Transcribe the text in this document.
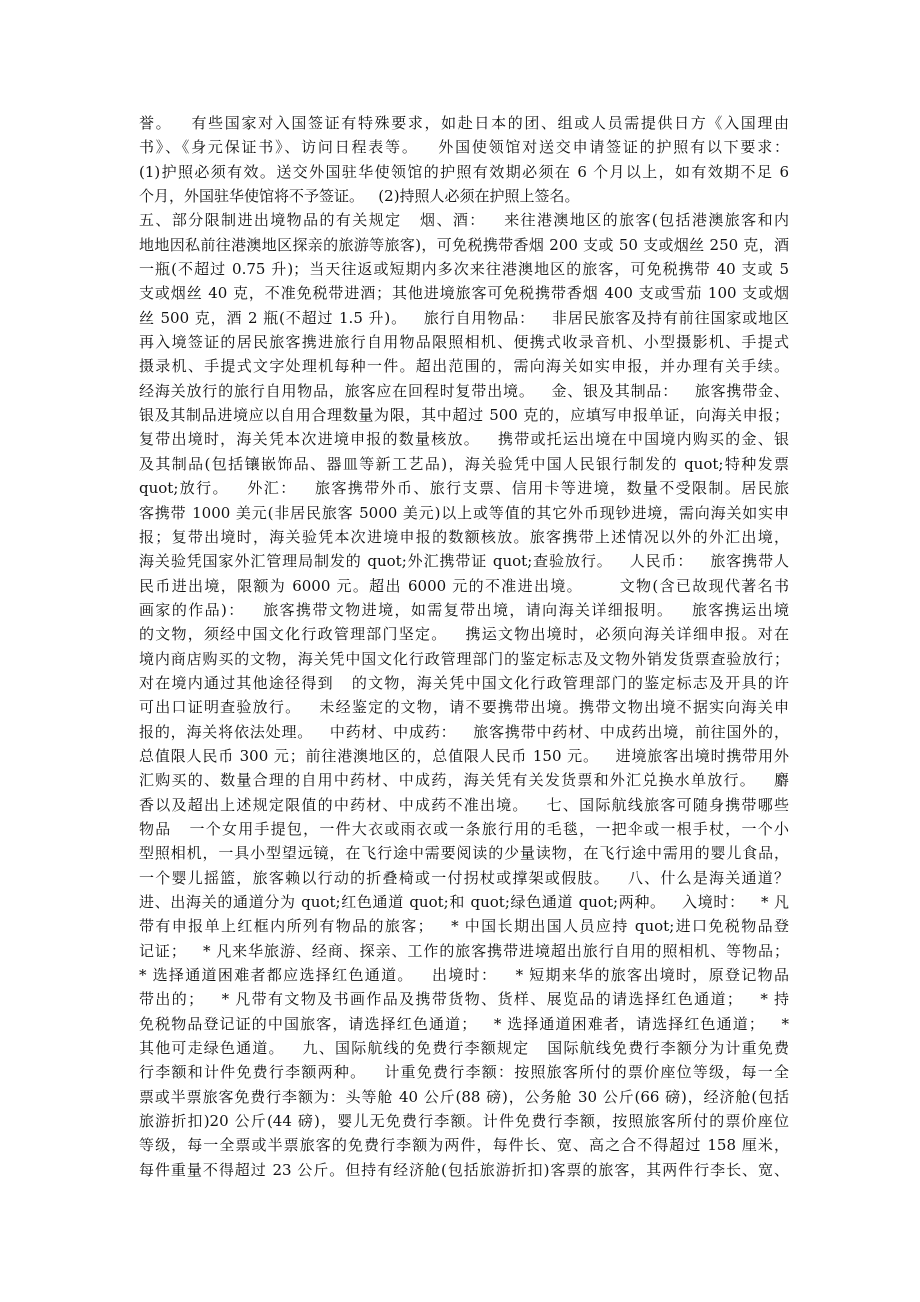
誉。   有些国家对入国签证有特殊要求，如赴日本的团、组或人员需提供日方《入国理由
书》、《身元保证书》、访问日程表等。   外国使领馆对送交申请签证的护照有以下要求：
(1)护照必须有效。送交外国驻华使领馆的护照有效期必须在 6 个月以上，如有效期不足 6
个月，外国驻华使馆将不予签证。   (2)持照人必须在护照上签名。
五、部分限制进出境物品的有关规定   烟、酒：   来往港澳地区的旅客(包括港澳旅客和内
地地因私前往港澳地区探亲的旅游等旅客)，可免税携带香烟 200 支或 50 支或烟丝 250 克，酒
一瓶(不超过 0.75 升)；当天往返或短期内多次来往港澳地区的旅客，可免税携带 40 支或 5
支或烟丝 40 克，不准免税带进酒；其他进境旅客可免税携带香烟 400 支或雪茄 100 支或烟
丝 500 克，酒 2 瓶(不超过 1.5 升)。   旅行自用物品：   非居民旅客及持有前往国家或地区
再入境签证的居民旅客携进旅行自用物品限照相机、便携式收录音机、小型摄影机、手提式
摄录机、手提式文字处理机每种一件。超出范围的，需向海关如实申报，并办理有关手续。
经海关放行的旅行自用物品，旅客应在回程时复带出境。   金、银及其制品：   旅客携带金、
银及其制品进境应以自用合理数量为限，其中超过 500 克的，应填写申报单证，向海关申报；
复带出境时，海关凭本次进境申报的数量核放。   携带或托运出境在中国境内购买的金、银
及其制品(包括镶嵌饰品、器皿等新工艺品)，海关验凭中国人民银行制发的 quot;特种发票
quot;放行。   外汇：   旅客携带外币、旅行支票、信用卡等进境，数量不受限制。居民旅
客携带 1000 美元(非居民旅客 5000 美元)以上或等值的其它外币现钞进境，需向海关如实申
报；复带出境时，海关验凭本次进境申报的数额核放。旅客携带上述情况以外的外汇出境，
海关验凭国家外汇管理局制发的 quot;外汇携带证 quot;查验放行。   人民币：   旅客携带人
民币进出境，限额为 6000 元。超出 6000 元的不准进出境。      文物(含已故现代著名书
画家的作品)：   旅客携带文物进境，如需复带出境，请向海关详细报明。   旅客携运出境
的文物，须经中国文化行政管理部门坚定。   携运文物出境时，必须向海关详细申报。对在
境内商店购买的文物，海关凭中国文化行政管理部门的鉴定标志及文物外销发货票查验放行；
对在境内通过其他途径得到   的文物，海关凭中国文化行政管理部门的鉴定标志及开具的许
可出口证明查验放行。   未经鉴定的文物，请不要携带出境。携带文物出境不据实向海关申
报的，海关将依法处理。   中药材、中成药：   旅客携带中药材、中成药出境，前往国外的，
总值限人民币 300 元；前往港澳地区的，总值限人民币 150 元。   进境旅客出境时携带用外
汇购买的、数量合理的自用中药材、中成药，海关凭有关发货票和外汇兑换水单放行。   麝
香以及超出上述规定限值的中药材、中成药不准出境。   七、国际航线旅客可随身携带哪些
物品   一个女用手提包，一件大衣或雨衣或一条旅行用的毛毯，一把伞或一根手杖，一个小
型照相机，一具小型望远镜，在飞行途中需要阅读的少量读物，在飞行途中需用的婴儿食品，
一个婴儿摇篮，旅客赖以行动的折叠椅或一付拐杖或撑架或假肢。   八、什么是海关通道？
进、出海关的通道分为 quot;红色通道 quot;和 quot;绿色通道 quot;两种。   入境时：   * 凡
带有申报单上红框内所列有物品的旅客；   * 中国长期出国人员应持 quot;进口免税物品登
记证；   * 凡来华旅游、经商、探亲、工作的旅客携带进境超出旅行自用的照相机、等物品；
* 选择通道困难者都应选择红色通道。   出境时：   * 短期来华的旅客出境时，原登记物品
带出的；   * 凡带有文物及书画作品及携带货物、货样、展览品的请选择红色通道；   * 持
免税物品登记证的中国旅客，请选择红色通道；   * 选择通道困难者，请选择红色通道；   *
其他可走绿色通道。   九、国际航线的免费行李额规定   国际航线免费行李额分为计重免费
行李额和计件免费行李额两种。   计重免费行李额：按照旅客所付的票价座位等级，每一全
票或半票旅客免费行李额为：头等舱 40 公斤(88 磅)，公务舱 30 公斤(66 磅)，经济舱(包括
旅游折扣)20 公斤(44 磅)，婴儿无免费行李额。计件免费行李额，按照旅客所付的票价座位
等级，每一全票或半票旅客的免费行李额为两件，每件长、宽、高之合不得超过 158 厘米，
每件重量不得超过 23 公斤。但持有经济舱(包括旅游折扣)客票的旅客，其两件行李长、宽、
